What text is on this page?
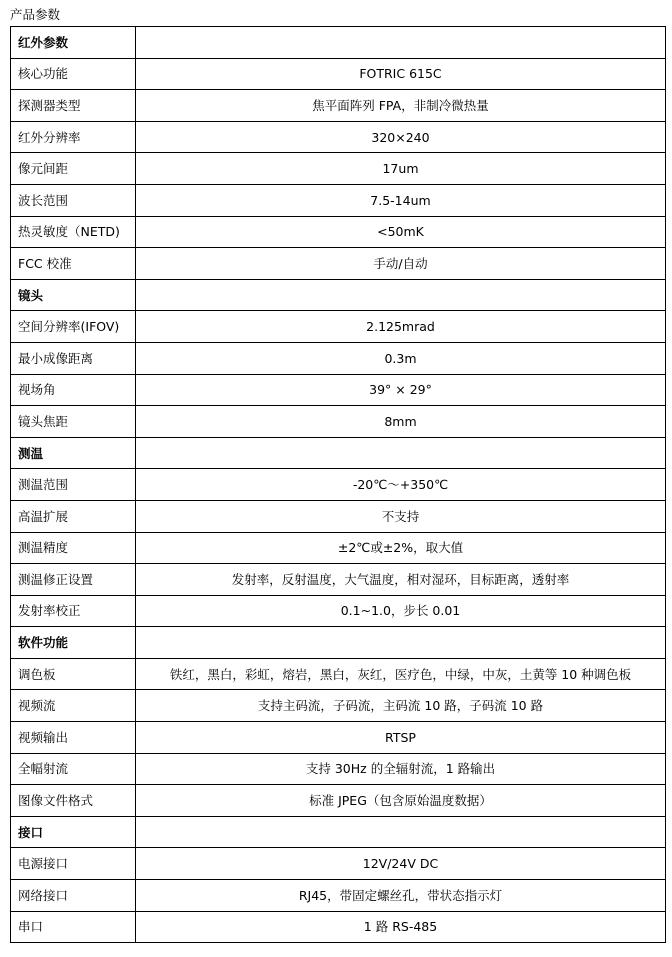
产品参数
红外参数	
核心功能	FOTRIC 615C
探测器类型	焦平面阵列 FPA，非制冷微热量
红外分辨率	320×240
像元间距	17um
波长范围	7.5-14um
热灵敏度（NETD)	<50mK
FCC 校准	手动/自动
镜头	
空间分辨率(IFOV)	2.125mrad
最小成像距离	0.3m
视场角	39° × 29°
镜头焦距	8mm
测温	
测温范围	-20℃～+350℃
高温扩展	不支持
测温精度	±2℃或±2%，取大值
测温修正设置	发射率，反射温度，大气温度，相对湿环，目标距离，透射率
发射率校正	0.1~1.0，步长 0.01
软件功能	
调色板	铁红，黑白，彩虹，熔岩，黑白，灰红，医疗色，中绿，中灰，土黄等 10 种调色板
视频流	支持主码流，子码流，主码流 10 路，子码流 10 路
视频输出	RTSP
全幅射流	支持 30Hz 的全辐射流，1 路输出
图像文件格式	标准 JPEG（包含原始温度数据）
接口	
电源接口	12V/24V DC
网络接口	RJ45，带固定螺丝孔，带状态指示灯
串口	1 路 RS-485
